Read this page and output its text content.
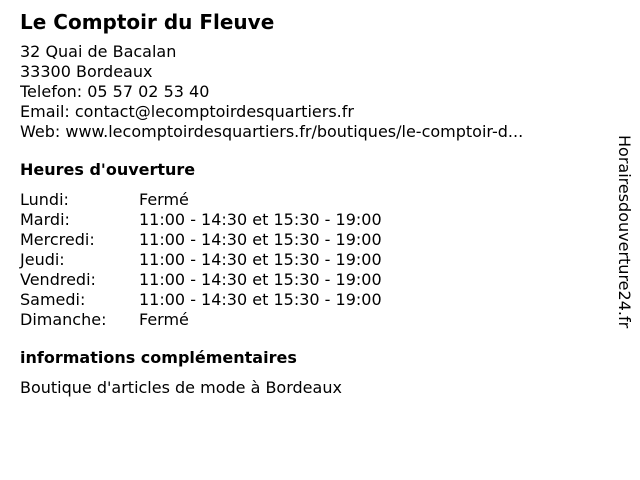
Le Comptoir du Fleuve
32 Quai de Bacalan
33300 Bordeaux
Telefon: 05 57 02 53 40
Email: contact@lecomptoirdesquartiers.fr
Web: www.lecomptoirdesquartiers.fr/boutiques/le-comptoir-d...
Heures d'ouverture
Lundi:	Fermé
Mardi:	11:00 - 14:30 et 15:30 - 19:00
Mercredi:	11:00 - 14:30 et 15:30 - 19:00
Jeudi:	11:00 - 14:30 et 15:30 - 19:00
Vendredi:	11:00 - 14:30 et 15:30 - 19:00
Samedi:	11:00 - 14:30 et 15:30 - 19:00
Dimanche:	Fermé
informations complémentaires
Boutique d'articles de mode à Bordeaux
Horairesdouverture24.fr
